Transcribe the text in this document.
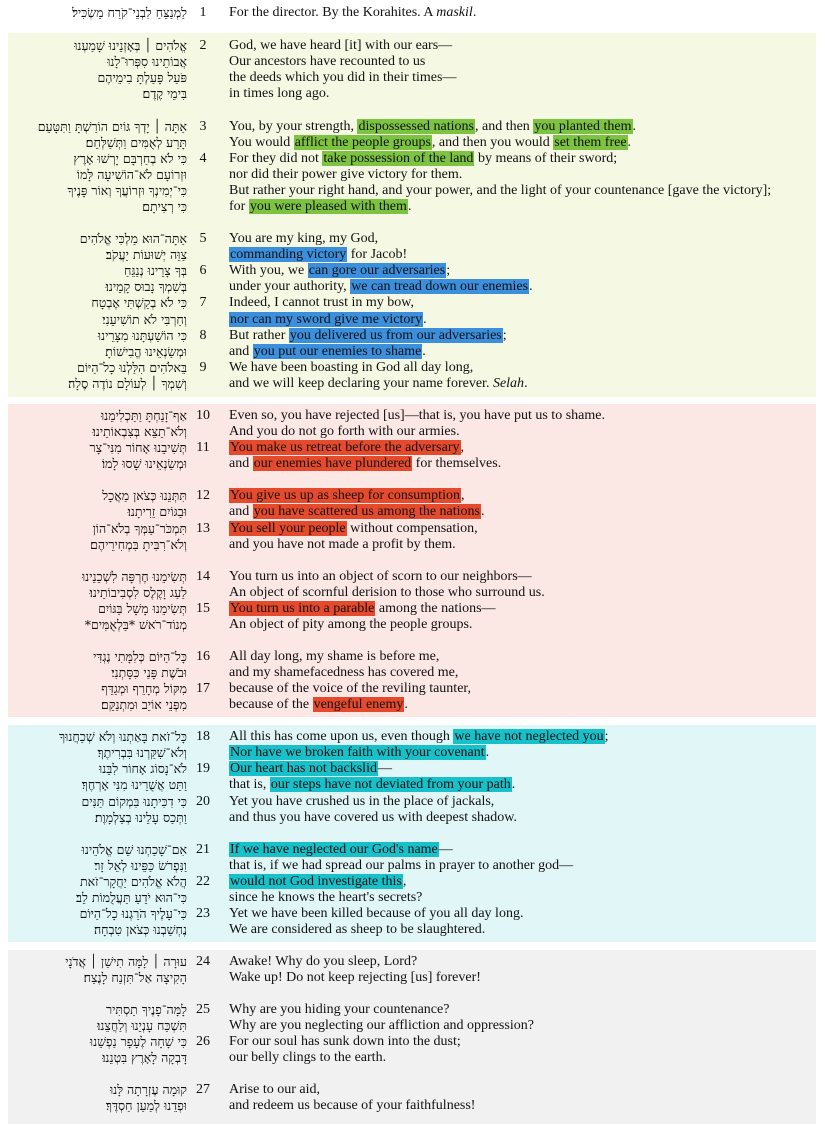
לַמְנַצֵּחַ לִבְנֵי־קֹרַח מַשְׂכִּיל׃ 1	For the director. By the Korahites. A maskil.
אֱלֹהִים ׀ בְּאָזְנֵינוּ שָׁמַעְנוּ 2	God, we have heard [it] with our ears—
אֲבוֹתֵינוּ סִפְּרוּ־לָנוּ	Our ancestors have recounted to us
פֹּעַל פָּעַלְתָּ בִימֵיהֶם	the deeds which you did in their times—
בִּימֵי קֶדֶם׃	in times long ago.
אַתָּה ׀ יָדְךָ גּוֹיִם הוֹרַשְׁתָּ וַתִּטָּעֵם 3	You, by your strength, dispossessed nations, and then you planted them.
תָּרַע לְאֻמִּים וַתְּשַׁלְּחֵם׃	You would afflict the people groups, and then you would set them free.
כִּי לֹא בְחַרְבָּם יָרְשׁוּ אָרֶץ 4	For they did not take possession of the land by means of their sword;
וּזְרוֹעָם לֹא־הוֹשִׁיעָה לָּמוֹ	nor did their power give victory for them.
כִּי־יְמִינְךָ וּזְרוֹעֲךָ וְאוֹר פָּנֶיךָ	But rather your right hand, and your power, and the light of your countenance [gave the victory];
כִּי רְצִיתָם׃	for you were pleased with them.
אַתָּה־הוּא מַלְכִּי אֱלֹהִים 5	You are my king, my God,
צַוֵּה יְשׁוּעוֹת יַעֲקֹב׃	commanding victory for Jacob!
בְּךָ צָרֵינוּ נְנַגֵּחַ 6	With you, we can gore our adversaries;
בְּשִׁמְךָ נָבוּס קָמֵינוּ׃	under your authority, we can tread down our enemies.
כִּי לֹא בְקַשְׁתִּי אֶבְטָח 7	Indeed, I cannot trust in my bow,
וְחַרְבִּי לֹא תוֹשִׁיעֵנִי׃	nor can my sword give me victory.
כִּי הוֹשַׁעְתָּנוּ מִצָּרֵינוּ 8	But rather you delivered us from our adversaries;
וּמְשַׂנְאֵינוּ הֱבִישׁוֹתָ׃	and you put our enemies to shame.
בֵּאלֹהִים הִלַּלְנוּ כָל־הַיּוֹם 9	We have been boasting in God all day long,
וְשִׁמְךָ ׀ לְעוֹלָם נוֹדֶה סֶלָה׃	and we will keep declaring your name forever. Selah.
אַף־זָנַחְתָּ וַתַּכְלִימֵנוּ 10	Even so, you have rejected [us]—that is, you have put us to shame.
וְלֹא־תֵצֵא בְּצִבְאוֹתֵינוּ׃	And you do not go forth with our armies.
תְּשִׁיבֵנוּ אָחוֹר מִנִּי־צָר 11	You make us retreat before the adversary,
וּמְשַׂנְאֵינוּ שָׁסוּ לָמוֹ׃	and our enemies have plundered for themselves.
תִּתְּנֵנוּ כְּצֹאן מַאֲכָל 12	You give us up as sheep for consumption,
וּבַגּוֹיִם זֵרִיתָנוּ׃	and you have scattered us among the nations.
תִּמְכֹּר־עַמְּךָ בְלֹא־הוֹן 13	You sell your people without compensation,
וְלֹא־רִבִּיתָ בִּמְחִירֵיהֶם׃	and you have not made a profit by them.
תְּשִׂימֵנוּ חֶרְפָּה לִשְׁכֵנֵינוּ 14	You turn us into an object of scorn to our neighbors—
לַעַג וָקֶלֶס לִסְבִיבוֹתֵינוּ׃	An object of scornful derision to those who surround us.
תְּשִׂימֵנוּ מָשָׁל בַּגּוֹיִם 15	You turn us into a parable among the nations—
מְנוֹד־רֹאשׁ *בַּלְאֻמִּים*	An object of pity among the people groups.
כָּל־הַיּוֹם כְּלִמָּתִי נֶגְדִּי 16	All day long, my shame is before me,
וּבֹשֶׁת פָּנַי כִּסָּתְנִי׃	and my shamefacedness has covered me,
מִקּוֹל מְחָרֵף וּמְגַדֵּף 17	because of the voice of the reviling taunter,
מִפְּנֵי אוֹיֵב וּמִתְנַקֵּם׃	because of the vengeful enemy.
כָּל־זֹאת בָּאַתְנוּ וְלֹא שְׁכַחֲנוּךָ 18	All this has come upon us, even though we have not neglected you;
וְלֹא־שִׁקַּרְנוּ בִּבְרִיתֶךָ׃	Nor have we broken faith with your covenant.
לֹא־נָסוֹג אָחוֹר לִבֵּנוּ 19	Our heart has not backslid—
וַתֵּט אֲשֻׁרֵינוּ מִנִּי אָרְחֶךָ׃	that is, our steps have not deviated from your path.
כִּי דִכִּיתָנוּ בִּמְקוֹם תַּנִּים 20	Yet you have crushed us in the place of jackals,
וַתְּכַס עָלֵינוּ בְצַלְמָוֶת׃	and thus you have covered us with deepest shadow.
אִם־שָׁכַחְנוּ שֵׁם אֱלֹהֵינוּ 21	If we have neglected our God's name—
וַנִּפְרֹשׂ כַּפֵּינוּ לְאֵל זָר׃	that is, if we had spread our palms in prayer to another god—
הֲלֹא אֱלֹהִים יַחֲקָר־זֹאת 22	would not God investigate this,
כִּי־הוּא יֹדֵעַ תַּעֲלֻמוֹת לֵב׃	since he knows the heart's secrets?
כִּי־עָלֶיךָ הֹרַגְנוּ כָל־הַיּוֹם 23	Yet we have been killed because of you all day long.
נֶחְשַׁבְנוּ כְּצֹאן טִבְחָה׃	We are considered as sheep to be slaughtered.
עוּרָה ׀ לָמָּה תִישַׁן ׀ אֲדֹנָי 24	Awake! Why do you sleep, Lord?
הָקִיצָה אַל־תִּזְנַח לָנֶצַח׃	Wake up! Do not keep rejecting [us] forever!
לָמָּה־פָנֶיךָ תַסְתִּיר 25	Why are you hiding your countenance?
תִּשְׁכַּח עָנְיֵנוּ וְלַחֲצֵנוּ׃	Why are you neglecting our affliction and oppression?
כִּי שָׁחָה לֶעָפָר נַפְשֵׁנוּ 26	For our soul has sunk down into the dust;
דָּבְקָה לָאָרֶץ בִּטְנֵנוּ׃	our belly clings to the earth.
קוּמָה עֶזְרָתָה לָּנוּ 27	Arise to our aid,
וּפְדֵנוּ לְמַעַן חַסְדֶּךָ׃	and redeem us because of your faithfulness!
